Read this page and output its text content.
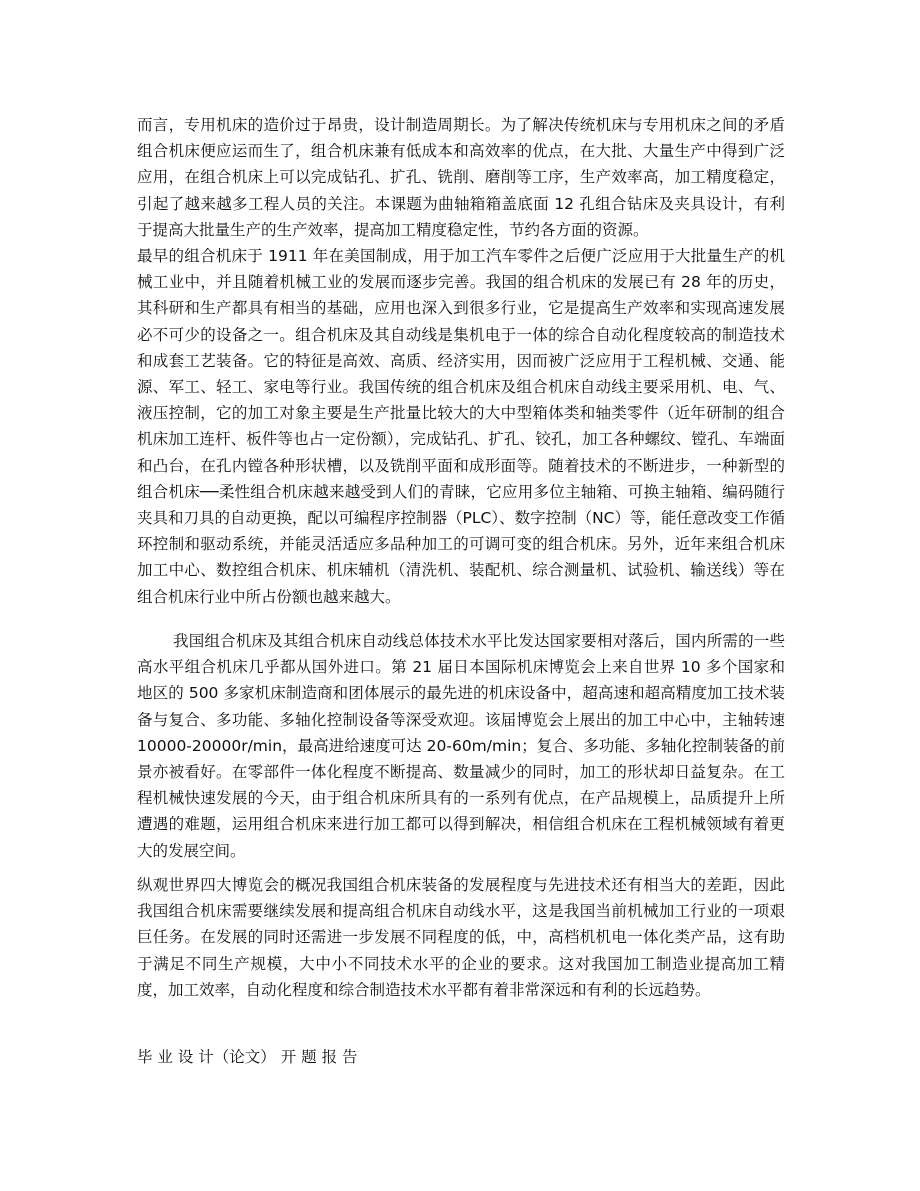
而言，专用机床的造价过于昂贵，设计制造周期长。为了解决传统机床与专用机床之间的矛盾组合机床便应运而生了，组合机床兼有低成本和高效率的优点，在大批、大量生产中得到广泛应用，在组合机床上可以完成钻孔、扩孔、铣削、磨削等工序，生产效率高，加工精度稳定，引起了越来越多工程人员的关注。本课题为曲轴箱箱盖底面 12 孔组合钻床及夹具设计，有利于提高大批量生产的生产效率，提高加工精度稳定性，节约各方面的资源。

最早的组合机床于 1911 年在美国制成，用于加工汽车零件之后便广泛应用于大批量生产的机械工业中，并且随着机械工业的发展而逐步完善。我国的组合机床的发展已有 28 年的历史，其科研和生产都具有相当的基础，应用也深入到很多行业，它是提高生产效率和实现高速发展必不可少的设备之一。组合机床及其自动线是集机电于一体的综合自动化程度较高的制造技术和成套工艺装备。它的特征是高效、高质、经济实用，因而被广泛应用于工程机械、交通、能源、军工、轻工、家电等行业。我国传统的组合机床及组合机床自动线主要采用机、电、气、液压控制，它的加工对象主要是生产批量比较大的大中型箱体类和轴类零件（近年研制的组合机床加工连杆、板件等也占一定份额），完成钻孔、扩孔、铰孔，加工各种螺纹、镗孔、车端面和凸台，在孔内镗各种形状槽，以及铣削平面和成形面等。随着技术的不断进步，一种新型的组合机床──柔性组合机床越来越受到人们的青睐，它应用多位主轴箱、可换主轴箱、编码随行夹具和刀具的自动更换，配以可编程序控制器（PLC）、数字控制（NC）等，能任意改变工作循环控制和驱动系统，并能灵活适应多品种加工的可调可变的组合机床。另外，近年来组合机床加工中心、数控组合机床、机床辅机（清洗机、装配机、综合测量机、试验机、输送线）等在组合机床行业中所占份额也越来越大。

我国组合机床及其组合机床自动线总体技术水平比发达国家要相对落后，国内所需的一些高水平组合机床几乎都从国外进口。第 21 届日本国际机床博览会上来自世界 10 多个国家和地区的 500 多家机床制造商和团体展示的最先进的机床设备中，超高速和超高精度加工技术装备与复合、多功能、多轴化控制设备等深受欢迎。该届博览会上展出的加工中心中，主轴转速 10000-20000r/min，最高进给速度可达 20-60m/min；复合、多功能、多轴化控制装备的前景亦被看好。在零部件一体化程度不断提高、数量减少的同时，加工的形状却日益复杂。在工程机械快速发展的今天，由于组合机床所具有的一系列有优点，在产品规模上，品质提升上所遭遇的难题，运用组合机床来进行加工都可以得到解决，相信组合机床在工程机械领域有着更大的发展空间。

纵观世界四大博览会的概况我国组合机床装备的发展程度与先进技术还有相当大的差距，因此我国组合机床需要继续发展和提高组合机床自动线水平，这是我国当前机械加工行业的一项艰巨任务。在发展的同时还需进一步发展不同程度的低，中，高档机机电一体化类产品，这有助于满足不同生产规模，大中小不同技术水平的企业的要求。这对我国加工制造业提高加工精度，加工效率，自动化程度和综合制造技术水平都有着非常深远和有利的长远趋势。

毕 业 设 计（论文） 开 题 报 告
